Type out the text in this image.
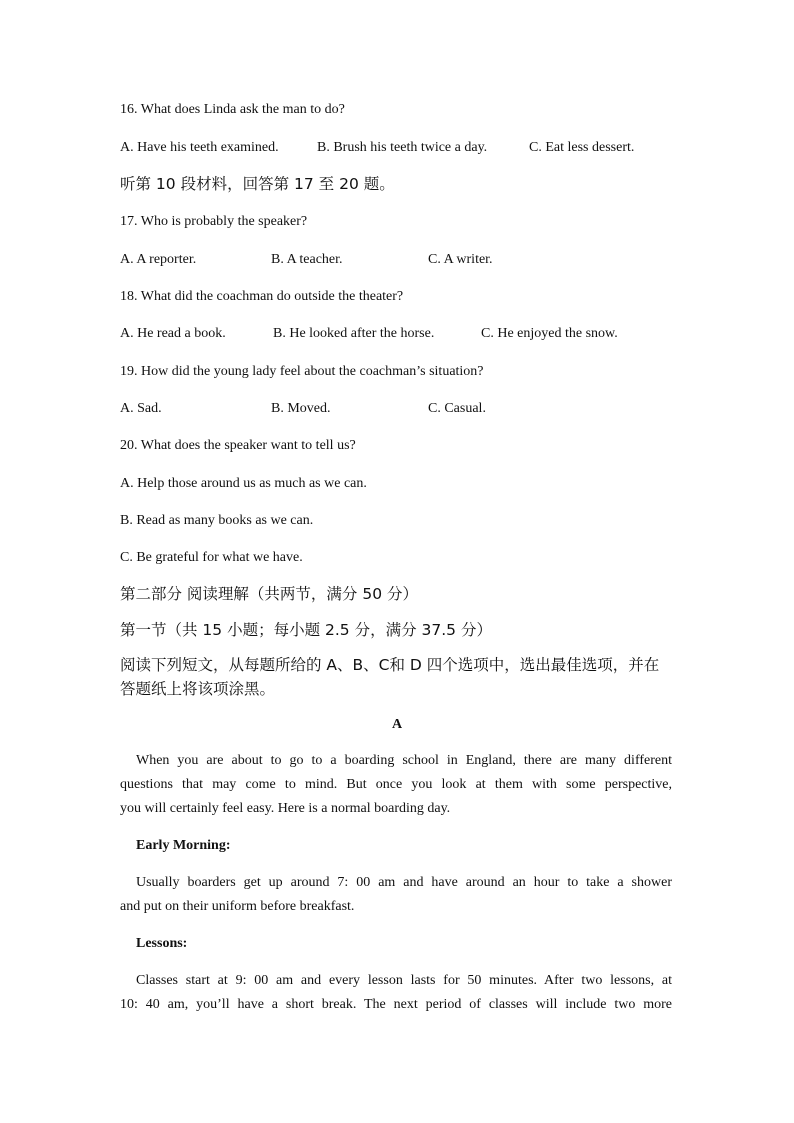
16. What does Linda ask the man to do?
A. Have his teeth examined.	B. Brush his teeth twice a day.	C. Eat less dessert.
听第 10 段材料，回答第 17 至 20 题。
17. Who is probably the speaker?
A. A reporter.	B. A teacher.	C. A writer.
18. What did the coachman do outside the theater?
A. He read a book.	B. He looked after the horse.	C. He enjoyed the snow.
19. How did the young lady feel about the coachman’s situation?
A. Sad.	B. Moved.	C. Casual.
20. What does the speaker want to tell us?
A. Help those around us as much as we can.
B. Read as many books as we can.
C. Be grateful for what we have.
第二部分 阅读理解（共两节，满分 50 分）
第一节（共 15 小题；每小题 2.5 分，满分 37.5 分）
阅读下列短文，从每题所给的 A、B、C和 D 四个选项中，选出最佳选项，并在
答题纸上将该项涂黑。
A
When you are about to go to a boarding school in England, there are many different
questions that may come to mind. But once you look at them with some perspective,
you will certainly feel easy. Here is a normal boarding day.
Early Morning:
Usually boarders get up around 7: 00 am and have around an hour to take a shower
and put on their uniform before breakfast.
Lessons:
Classes start at 9: 00 am and every lesson lasts for 50 minutes. After two lessons, at
10: 40 am, you’ll have a short break. The next period of classes will include two more
